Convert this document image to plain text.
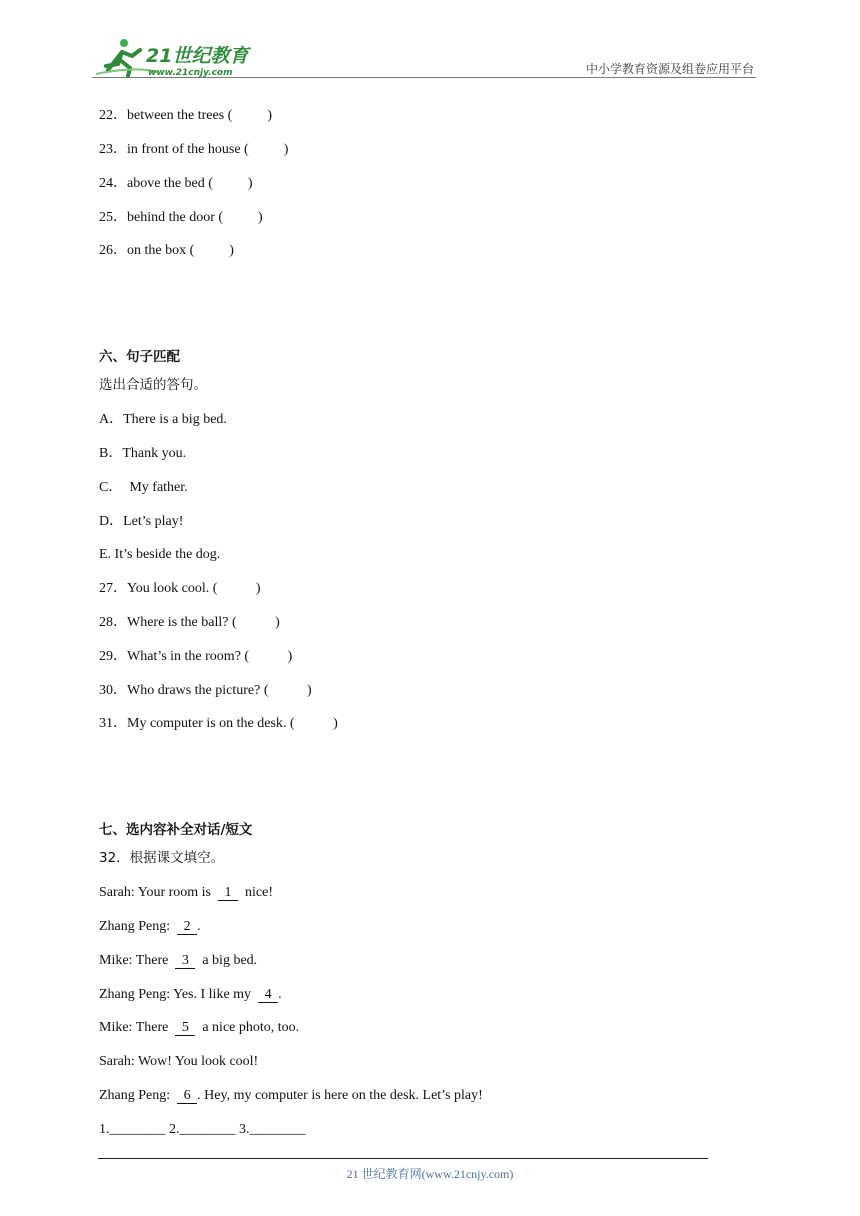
21世纪教育
www.21cnjy.com	中小学教育资源及组卷应用平台
22．between the trees (          )
23．in front of the house (          )
24．above the bed (          )
25．behind the door (          )
26．on the box (          )
六、句子匹配
选出合适的答句。
A．There is a big bed.
B．Thank you.
C．  My father.
D．Let’s play!
E. It’s beside the dog.
27．You look cool. (           )
28．Where is the ball? (           )
29．What’s in the room? (           )
30．Who draws the picture? (           )
31．My computer is on the desk. (           )
七、选内容补全对话/短文
32．根据课文填空。
Sarah: Your room is  1  nice!
Zhang Peng:  2 .
Mike: There  3  a big bed.
Zhang Peng: Yes. I like my  4 .
Mike: There  5  a nice photo, too.
Sarah: Wow! You look cool!
Zhang Peng:  6 . Hey, my computer is here on the desk. Let’s play!
1.________ 2.________ 3.________
21 世纪教育网(www.21cnjy.com)
